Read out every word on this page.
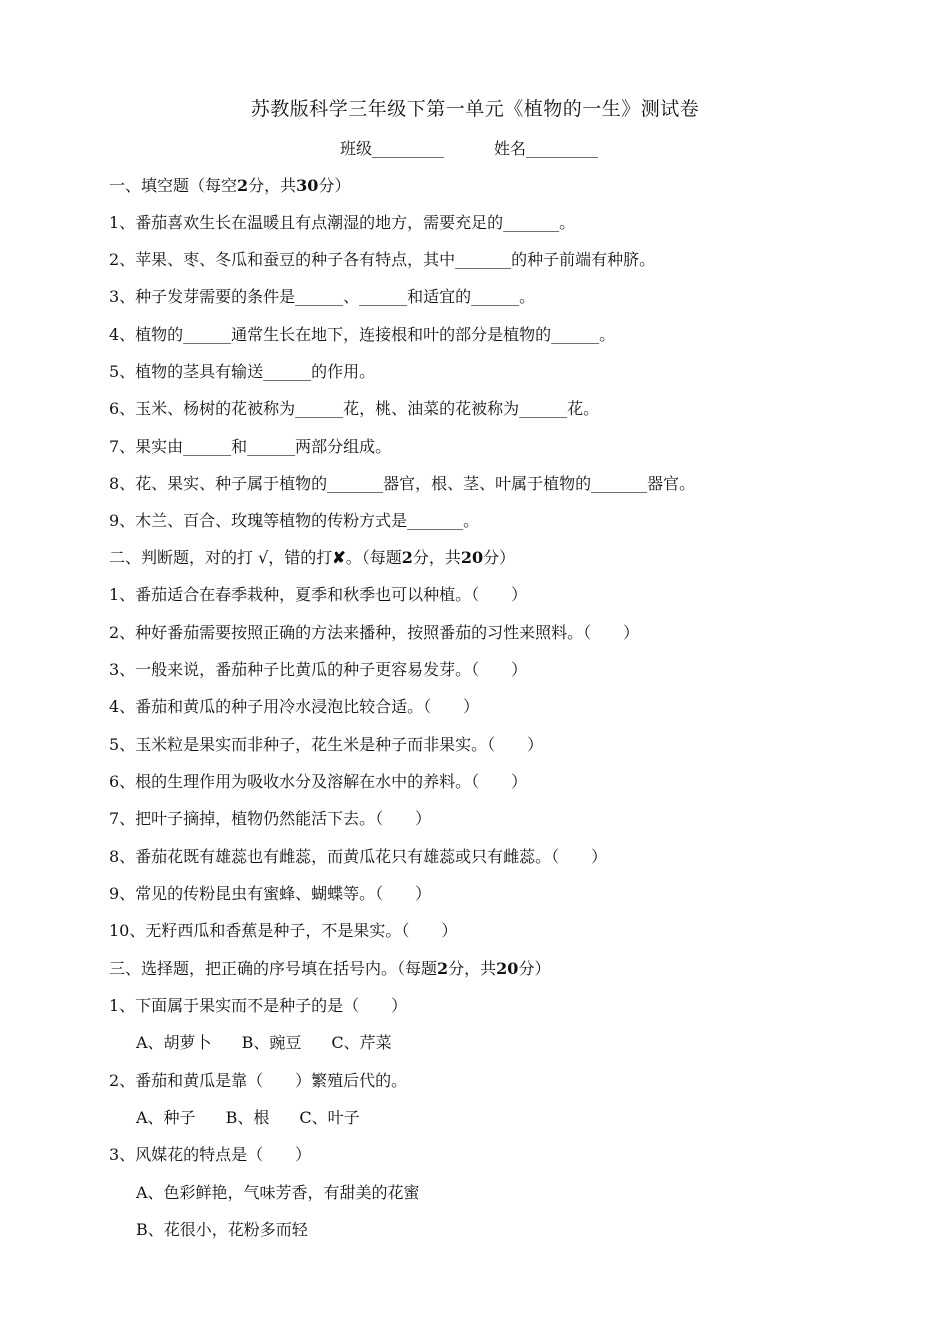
苏教版科学三年级下第一单元《植物的一生》测试卷
班级_________	姓名_________
一、填空题（每空2分，共30分）
1、番茄喜欢生长在温暖且有点潮湿的地方，需要充足的_______。
2、苹果、枣、冬瓜和蚕豆的种子各有特点，其中_______的种子前端有种脐。
3、种子发芽需要的条件是______、______和适宜的______。
4、植物的______通常生长在地下，连接根和叶的部分是植物的______。
5、植物的茎具有输送______的作用。
6、玉米、杨树的花被称为______花，桃、油菜的花被称为______花。
7、果实由______和______两部分组成。
8、花、果实、种子属于植物的_______器官，根、茎、叶属于植物的_______器官。
9、木兰、百合、玫瑰等植物的传粉方式是_______。
二、判断题，对的打 √，错的打✘。（每题2分，共20分）
1、番茄适合在春季栽种，夏季和秋季也可以种植。（　　）
2、种好番茄需要按照正确的方法来播种，按照番茄的习性来照料。（　　）
3、一般来说，番茄种子比黄瓜的种子更容易发芽。（　　）
4、番茄和黄瓜的种子用冷水浸泡比较合适。（　　）
5、玉米粒是果实而非种子，花生米是种子而非果实。（　　）
6、根的生理作用为吸收水分及溶解在水中的养料。（　　）
7、把叶子摘掉，植物仍然能活下去。（　　）
8、番茄花既有雄蕊也有雌蕊，而黄瓜花只有雄蕊或只有雌蕊。（　　）
9、常见的传粉昆虫有蜜蜂、蝴蝶等。（　　）
10、无籽西瓜和香蕉是种子，不是果实。（　　）
三、选择题，把正确的序号填在括号内。（每题2分，共20分）
1、下面属于果实而不是种子的是（　　）
A、胡萝卜 B、豌豆 C、芹菜
2、番茄和黄瓜是靠（　　）繁殖后代的。
A、种子 B、根 C、叶子
3、风媒花的特点是（　　）
A、色彩鲜艳，气味芳香，有甜美的花蜜
B、花很小，花粉多而轻
